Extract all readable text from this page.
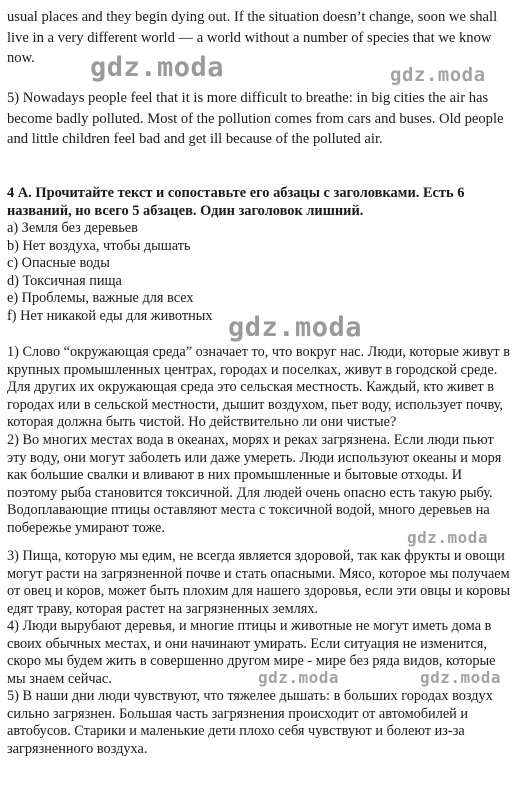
usual places and they begin dying out. If the situation doesn’t change, soon we shall live in a very different world — a world without a number of species that we know now.

5) Nowadays people feel that it is more difficult to breathe: in big cities the air has become badly polluted. Most of the pollution comes from cars and buses. Old people and little children feel bad and get ill because of the polluted air.

4 А. Прочитайте текст и сопоставьте его абзацы с заголовками. Есть 6 названий, но всего 5 абзацев. Один заголовок лишний.

a) Земля без деревьев
b) Нет воздуха, чтобы дышать
c) Опасные воды
d) Токсичная пища
e) Проблемы, важные для всех
f) Нет никакой еды для животных

1) Слово “окружающая среда” означает то, что вокруг нас. Люди, которые живут в крупных промышленных центрах, городах и поселках, живут в городской среде. Для других их окружающая среда это сельская местность. Каждый, кто живет в городах или в сельской местности, дышит воздухом, пьет воду, использует почву, которая должна быть чистой. Но действительно ли они чистые?

2) Во многих местах вода в океанах, морях и реках загрязнена. Если люди пьют эту воду, они могут заболеть или даже умереть. Люди используют океаны и моря как большие свалки и вливают в них промышленные и бытовые отходы. И поэтому рыба становится токсичной. Для людей очень опасно есть такую рыбу. Водоплавающие птицы оставляют места с токсичной водой, много деревьев на побережье умирают тоже.

3) Пища, которую мы едим, не всегда является здоровой, так как фрукты и овощи могут расти на загрязненной почве и стать опасными. Мясо, которое мы получаем от овец и коров, может быть плохим для нашего здоровья, если эти овцы и коровы едят траву, которая растет на загрязненных землях.

4) Люди вырубают деревья, и многие птицы и животные не могут иметь дома в своих обычных местах, и они начинают умирать. Если ситуация не изменится, скоро мы будем жить в совершенно другом мире - мире без ряда видов, которые мы знаем сейчас.

5) В наши дни люди чувствуют, что тяжелее дышать: в больших городах воздух сильно загрязнен. Большая часть загрязнения происходит от автомобилей и автобусов. Старики и маленькие дети плохо себя чувствуют и болеют из-за загрязненного воздуха.

gdz.moda	gdz.moda
gdz.moda
gdz.moda
gdz.moda	gdz.moda
